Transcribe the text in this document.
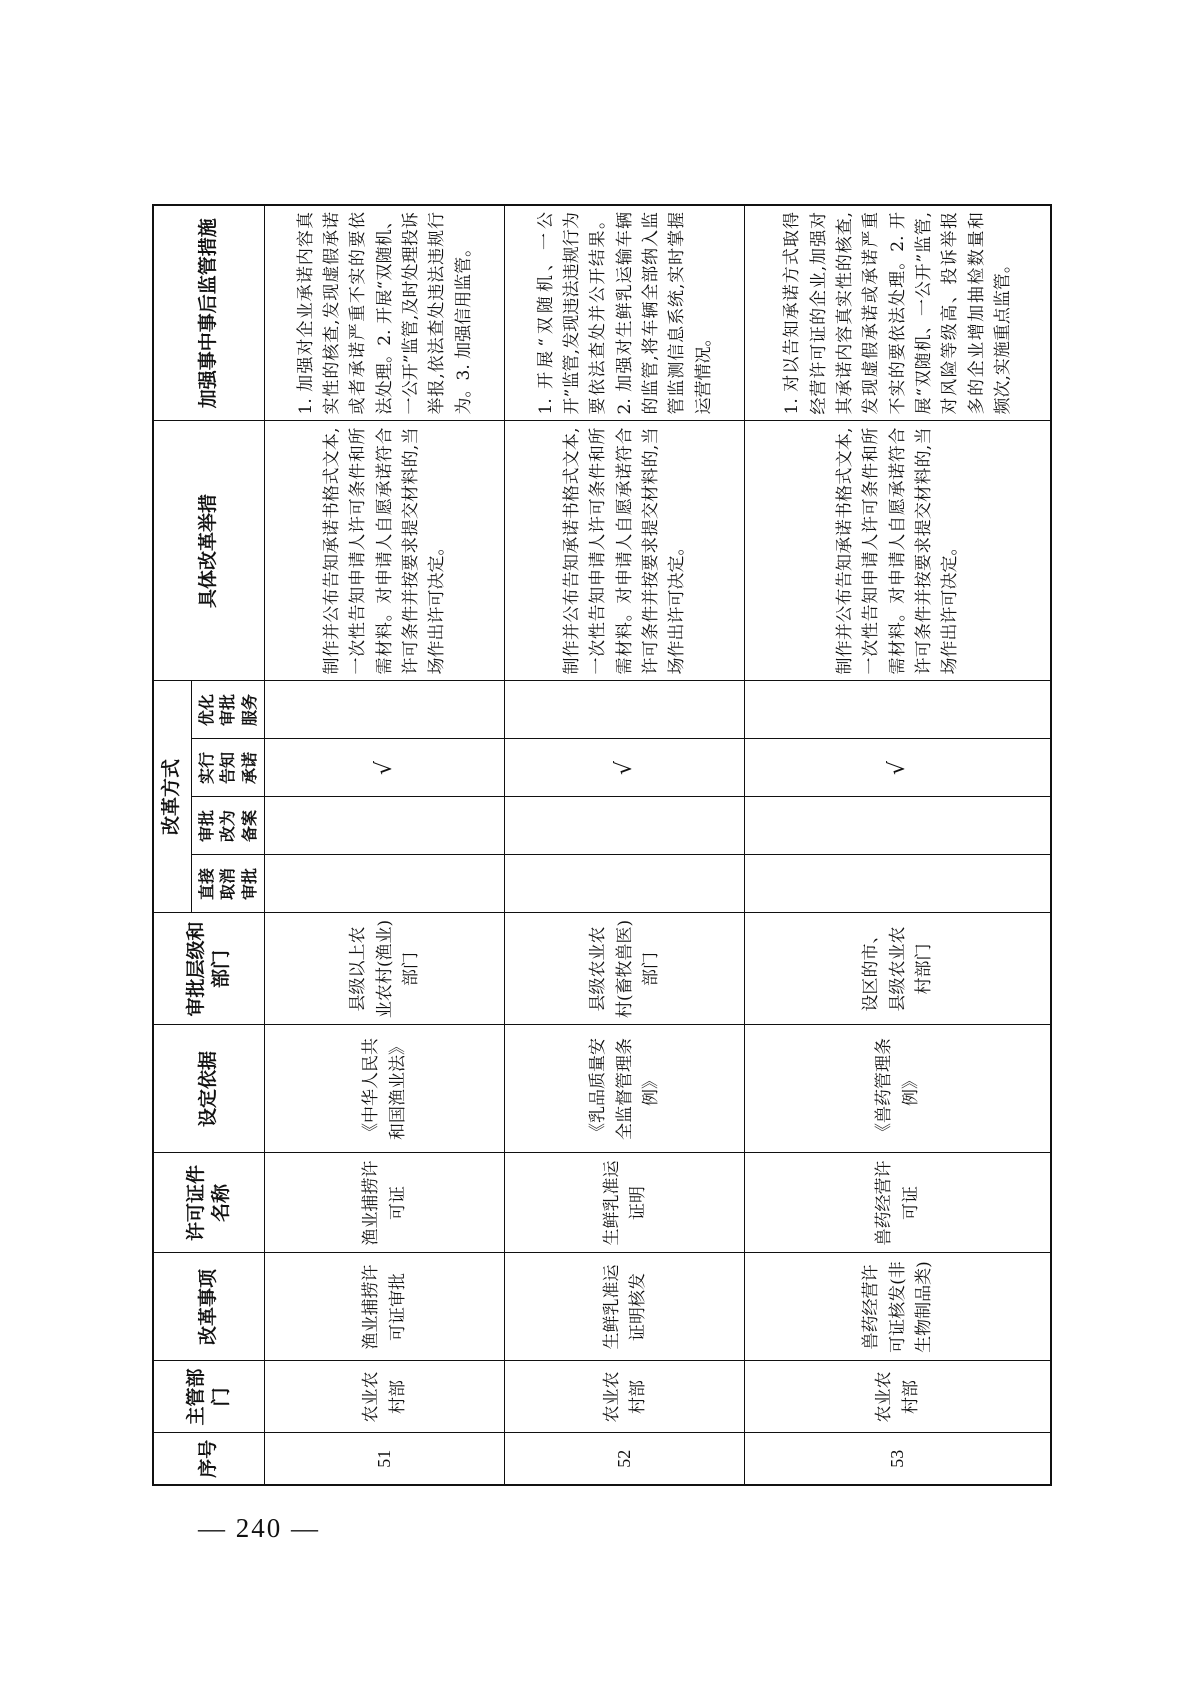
序号	主管部门	改革事项	许可证件名称	设定依据	审批层级和部门	改革方式				具体改革举措	加强事中事后监管措施
						直接取消审批	审批改为备案	实行告知承诺	优化审批服务		
51	农业农村部	渔业捕捞许可证审批	渔业捕捞许可证	《中华人民共和国渔业法》	县级以上农业农村(渔业)部门			√		制作并公布告知承诺书格式文本,一次性告知申请人许可条件和所需材料。对申请人自愿承诺符合许可条件并按要求提交材料的,当场作出许可决定。	1. 加强对企业承诺内容真实性的核查,发现虚假承诺或者承诺严重不实的要依法处理。2. 开展“双随机、一公开”监管,及时处理投诉举报,依法查处违法违规行为。3. 加强信用监管。
52	农业农村部	生鲜乳准运证明核发	生鲜乳准运证明	《乳品质量安全监督管理条例》	县级农业农村(畜牧兽医)部门			√		制作并公布告知承诺书格式文本,一次性告知申请人许可条件和所需材料。对申请人自愿承诺符合许可条件并按要求提交材料的,当场作出许可决定。	1. 开展“双随机、一公开”监管,发现违法违规行为要依法查处并公开结果。2. 加强对生鲜乳运输车辆的监管,将车辆全部纳入监管监测信息系统,实时掌握运营情况。
53	农业农村部	兽药经营许可证核发(非生物制品类)	兽药经营许可证	《兽药管理条例》	设区的市、县级农业农村部门			√		制作并公布告知承诺书格式文本,一次性告知申请人许可条件和所需材料。对申请人自愿承诺符合许可条件并按要求提交材料的,当场作出许可决定。	1. 对以告知承诺方式取得经营许可证的企业,加强对其承诺内容真实性的核查,发现虚假承诺或承诺严重不实的要依法处理。2. 开展“双随机、一公开”监管,对风险等级高、投诉举报多的企业增加抽检数量和频次,实施重点监管。
— 240 —
